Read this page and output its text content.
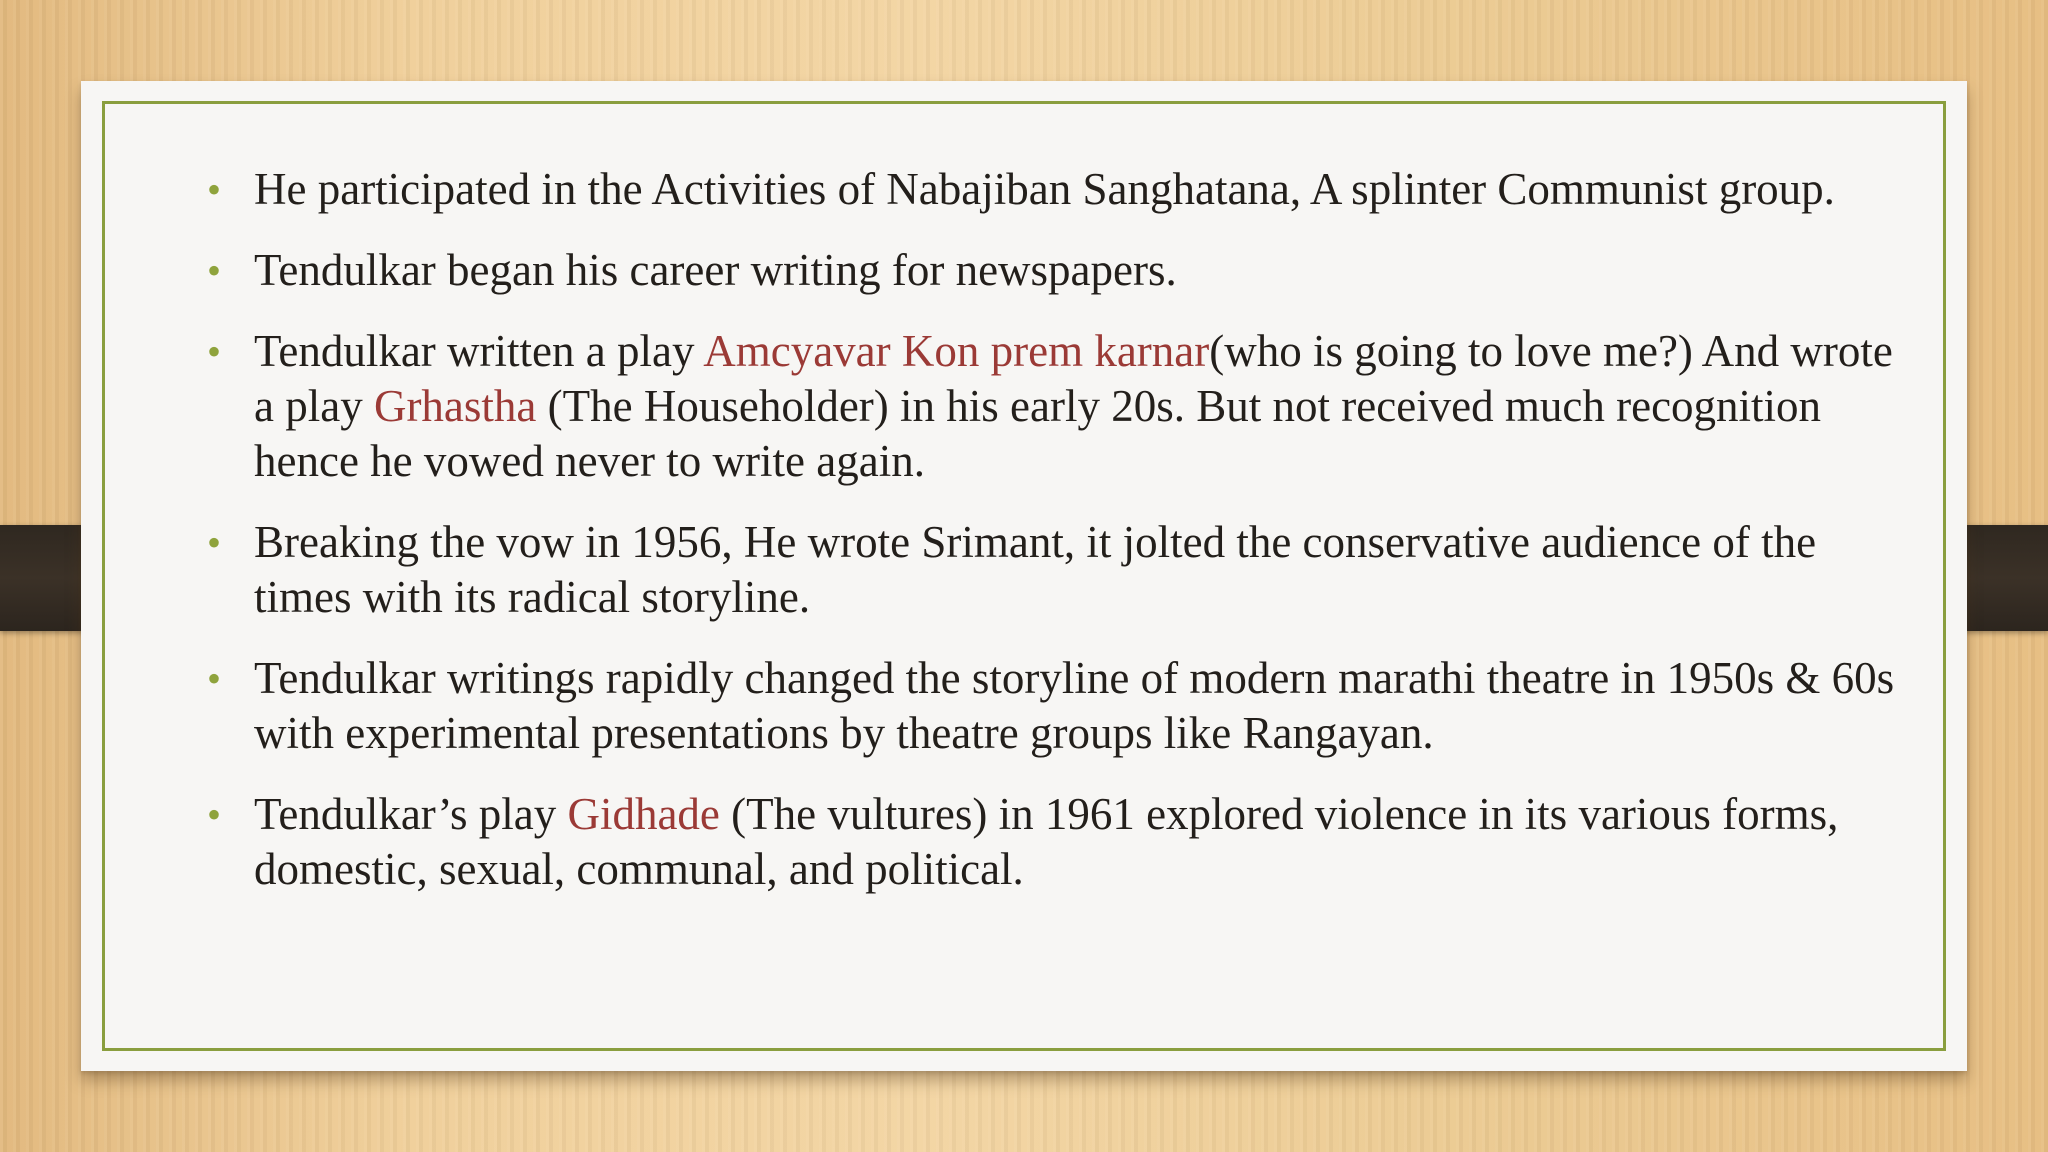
• He participated in the Activities of Nabajiban Sanghatana, A splinter Communist group.
• Tendulkar began his career writing for newspapers.
• Tendulkar written a play Amcyavar Kon prem karnar(who is going to love me?) And wrote a play Grhastha (The Householder) in his early 20s. But not received much recognition hence he vowed never to write again.
• Breaking the vow in 1956, He wrote Srimant, it jolted the conservative audience of the times with its radical storyline.
• Tendulkar writings rapidly changed the storyline of modern marathi theatre in 1950s & 60s with experimental presentations by theatre groups like Rangayan.
• Tendulkar’s play Gidhade (The vultures) in 1961 explored violence in its various forms, domestic, sexual, communal, and political.
